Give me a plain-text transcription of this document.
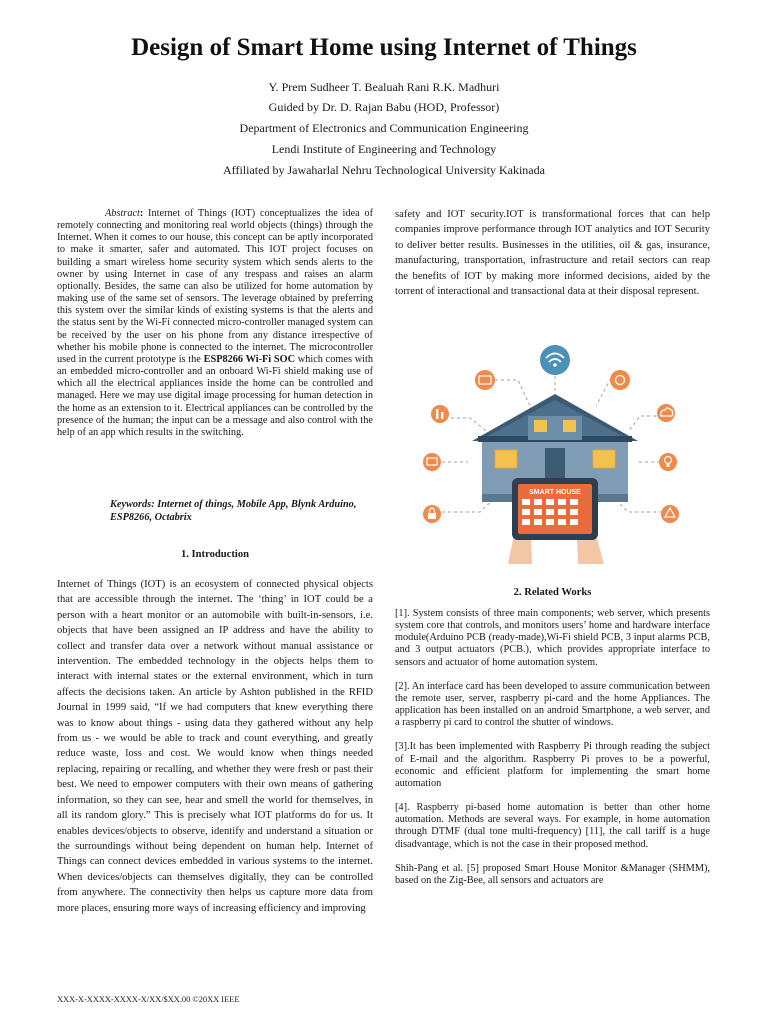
Design of Smart Home using Internet of Things
Y. Prem Sudheer T. Bealuah Rani R.K. Madhuri
Guided by Dr. D. Rajan Babu (HOD, Professor)
Department of Electronics and Communication Engineering
Lendi Institute of Engineering and Technology
Affiliated by Jawaharlal Nehru Technological University Kakinada

Abstract: Internet of Things (IOT) conceptualizes the idea of remotely connecting and monitoring real world objects (things) through the Internet. When it comes to our house, this concept can be aptly incorporated to make it smarter, safer and automated. This IOT project focuses on building a smart wireless home security system which sends alerts to the owner by using Internet in case of any trespass and raises an alarm optionally. Besides, the same can also be utilized for home automation by making use of the same set of sensors. The leverage obtained by preferring this system over the similar kinds of existing systems is that the alerts and the status sent by the Wi-Fi connected micro-controller managed system can be received by the user on his phone from any distance irrespective of whether his mobile phone is connected to the internet. The microcontroller used in the current prototype is the ESP8266 Wi-Fi SOC which comes with an embedded micro-controller and an onboard Wi-Fi shield making use of which all the electrical appliances inside the home can be controlled and managed. Here we may use digital image processing for human detection in the home as an extension to it. Electrical appliances can be controlled by the presence of the human; the input can be a message and also control with the help of an app which results in the switching.

Keywords: Internet of things, Mobile App, Blynk Arduino, ESP8266, Octabrix
1. Introduction

Internet of Things (IOT) is an ecosystem of connected physical objects that are accessible through the internet. The ‘thing’ in IOT could be a person with a heart monitor or an automobile with built-in-sensors, i.e. objects that have been assigned an IP address and have the ability to collect and transfer data over a network without manual assistance or intervention. The embedded technology in the objects helps them to interact with internal states or the external environment, which in turn affects the decisions taken. An article by Ashton published in the RFID Journal in 1999 said, “If we had computers that knew everything there was to know about things - using data they gathered without any help from us - we would be able to track and count everything, and greatly reduce waste, loss and cost. We would know when things needed replacing, repairing or recalling, and whether they were fresh or past their best. We need to empower computers with their own means of gathering information, so they can see, hear and smell the world for themselves, in all its random glory.” This is precisely what IOT platforms do for us. It enables devices/objects to observe, identify and understand a situation or the surroundings without being dependent on human help. Internet of Things can connect devices embedded in various systems to the internet. When devices/objects can themselves digitally, they can be controlled from anywhere. The connectivity then helps us capture more data from more places, ensuring more ways of increasing efficiency and improving

safety and IOT security.IOT is transformational forces that can help companies improve performance through IOT analytics and IOT Security to deliver better results. Businesses in the utilities, oil & gas, insurance, manufacturing, transportation, infrastructure and retail sectors can reap the benefits of IOT by making more informed decisions, aided by the torrent of interactional and transactional data at their disposal represent.

SMART HOUSE
2. Related Works

[1]. System consists of three main components; web server, which presents system core that controls, and monitors users’ home and hardware interface module(Arduino PCB (ready-made),Wi-Fi shield PCB, 3 input alarms PCB, and 3 output actuators (PCB.), which provides appropriate interface to sensors and actuator of home automation system.

[2]. An interface card has been developed to assure communication between the remote user, server, raspberry pi-card and the home Appliances. The application has been installed on an android Smartphone, a web server, and a raspberry pi card to control the shutter of windows.

[3].It has been implemented with Raspberry Pi through reading the subject of E-mail and the algorithm. Raspberry Pi proves to be a powerful, economic and efficient platform for implementing the smart home automation

[4]. Raspberry pi-based home automation is better than other home automation. Methods are several ways. For example, in home automation through DTMF (dual tone multi-frequency) [11], the call tariff is a huge disadvantage, which is not the case in their proposed method.

Shih-Pang et al. [5] proposed Smart House Monitor &Manager (SHMM), based on the Zig-Bee, all sensors and actuators are

XXX-X-XXXX-XXXX-X/XX/$XX.00 ©20XX IEEE
